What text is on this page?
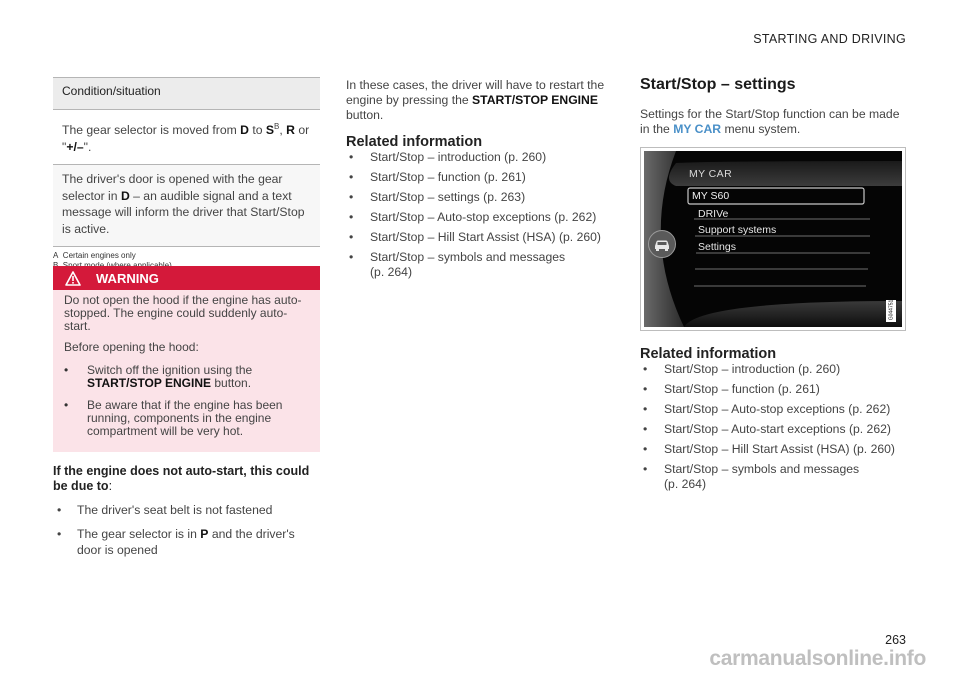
STARTING AND DRIVING
263
carmanualsonline.info
Condition/situation
The gear selector is moved from D to $S^B$, R or
"+/–".
The driver's door is opened with the gear selector in D – an audible signal and a text message will inform the driver that Start/Stop is active.
A Certain engines only

WARNING

Do not open the hood if the engine has auto-stopped. The engine could suddenly auto-start.

Before opening the hood:

•	Switch off the ignition using the START/STOP ENGINE button.
•	Be aware that if the engine has been running, components in the engine compartment will be very hot.
If the engine does not auto-start, this could be due to:
•	The driver's seat belt is not fastened
•	The gear selector is in P and the driver's door is opened
In these cases, the driver will have to restart the engine by pressing the START/STOP ENGINE button.
Related information
•	Start/Stop – introduction (p. 260)
•	Start/Stop – function (p. 261)
•	Start/Stop – settings (p. 263)
•	Start/Stop – Auto-stop exceptions (p. 262)
•	Start/Stop – Hill Start Assist (HSA) (p. 260)
•	Start/Stop – symbols and messages (p. 264)
Start/Stop – settings
Settings for the Start/Stop function can be made in the MY CAR menu system.
MY CAR
MY S60
DRIVe
Support systems
Settings
G044751
Related information
•	Start/Stop – introduction (p. 260)
•	Start/Stop – function (p. 261)
•	Start/Stop – Auto-stop exceptions (p. 262)
•	Start/Stop – Auto-start exceptions (p. 262)
•	Start/Stop – Hill Start Assist (HSA) (p. 260)
•	Start/Stop – symbols and messages (p. 264)
